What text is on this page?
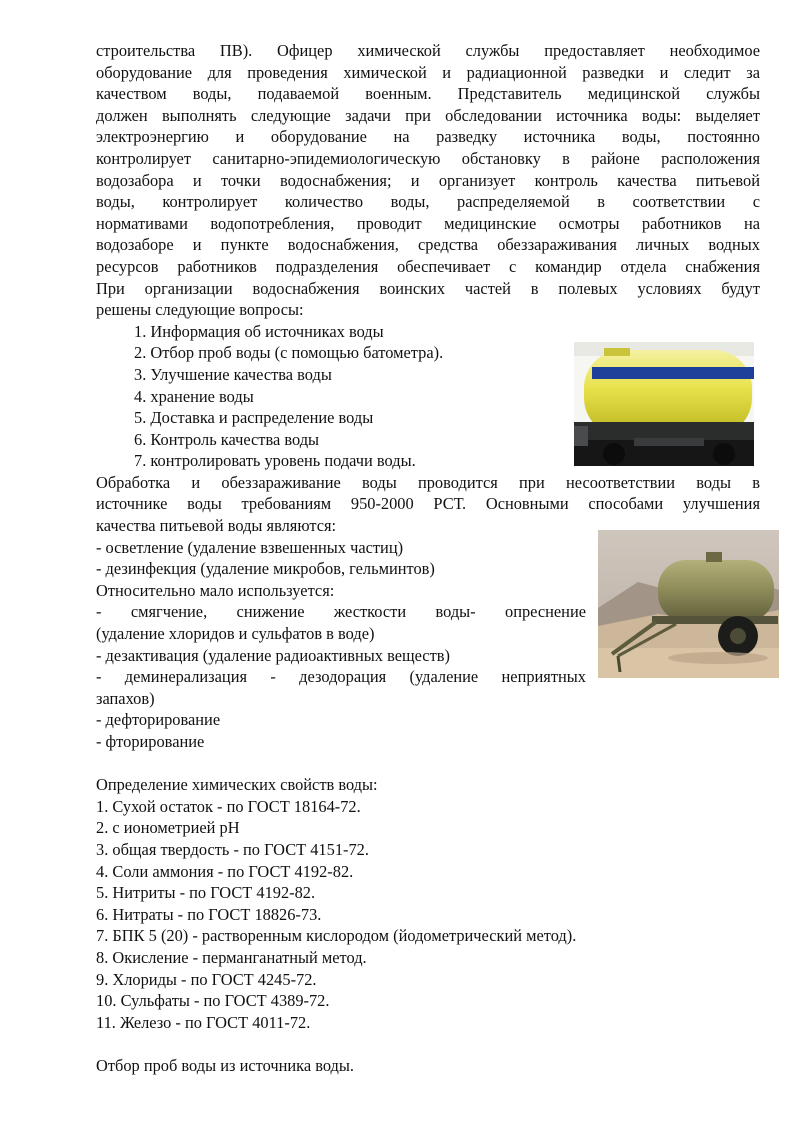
строительства ПВ). Офицер химической службы предоставляет необходимое
оборудование для проведения химической и радиационной разведки и следит за
качеством воды, подаваемой военным. Представитель медицинской службы
должен выполнять следующие задачи при обследовании источника воды: выделяет
электроэнергию и оборудование на разведку источника воды, постоянно
контролирует санитарно-эпидемиологическую обстановку в районе расположения
водозабора и точки водоснабжения; и организует контроль качества питьевой
воды, контролирует количество воды, распределяемой в соответствии с
нормативами водопотребления, проводит медицинские осмотры работников на
водозаборе и пункте водоснабжения, средства обеззараживания личных водных
ресурсов работников подразделения обеспечивает с командир отдела снабжения
При организации водоснабжения воинских частей в полевых условиях будут
решены следующие вопросы:
1. Информация об источниках воды
2. Отбор проб воды (с помощью батометра).
3. Улучшение качества воды
4. хранение воды
5. Доставка и распределение воды
6. Контроль качества воды
7. контролировать уровень подачи воды.
Обработка и обеззараживание воды проводится при несоответствии воды в
источнике воды требованиям 950-2000 РСТ. Основными способами улучшения
качества питьевой воды являются:
- осветление (удаление взвешенных частиц)
- дезинфекция (удаление микробов, гельминтов)
Относительно мало используется:
- смягчение, снижение жесткости воды- опреснение
(удаление хлоридов и сульфатов в воде)
- дезактивация (удаление радиоактивных веществ)
- деминерализация - дезодорация (удаление неприятных
запахов)
- дефторирование
- фторирование
Определение химических свойств воды:
1. Сухой остаток - по ГОСТ 18164-72.
2. с ионометрией pH
3. общая твердость - по ГОСТ 4151-72.
4. Соли аммония - по ГОСТ 4192-82.
5. Нитриты - по ГОСТ 4192-82.
6. Нитраты - по ГОСТ 18826-73.
7. БПК 5 (20) - растворенным кислородом (йодометрический метод).
8. Окисление - перманганатный метод.
9. Хлориды - по ГОСТ 4245-72.
10. Сульфаты - по ГОСТ 4389-72.
11. Железо - по ГОСТ 4011-72.
Отбор проб воды из источника воды.
